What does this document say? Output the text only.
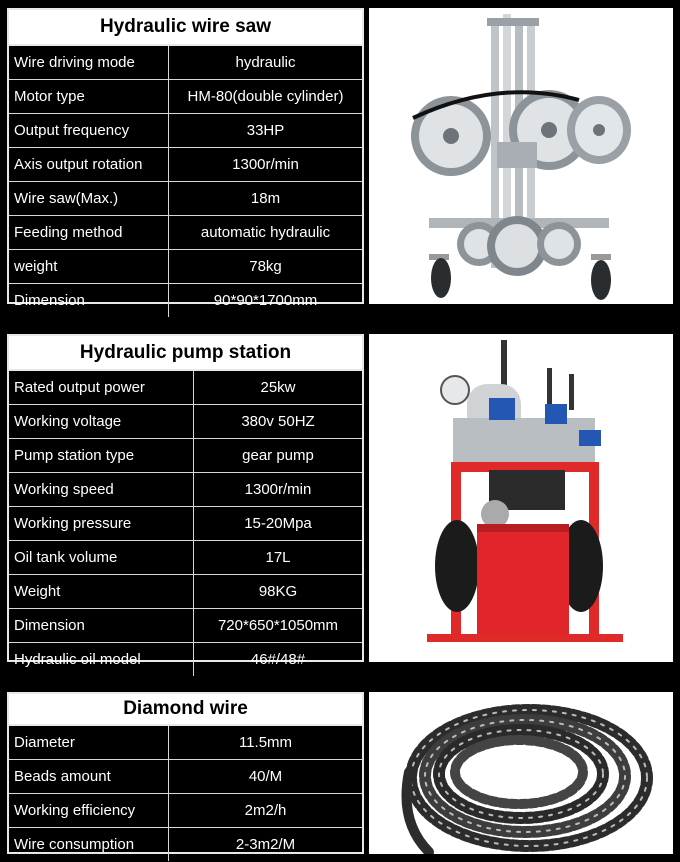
Hydraulic wire saw
Wire driving mode	hydraulic
Motor type	HM-80(double cylinder)
Output frequency	33HP
Axis output rotation	1300r/min
Wire saw(Max.)	18m
Feeding method	automatic hydraulic
weight	78kg
Dimension	90*90*1700mm
Hydraulic pump station
Rated output power	25kw
Working voltage	380v 50HZ
Pump station type	gear pump
Working speed	1300r/min
Working pressure	15-20Mpa
Oil tank volume	17L
Weight	98KG
Dimension	720*650*1050mm
Hydraulic oil model	46#/48#
Diamond wire
Diameter	11.5mm
Beads amount	40/M
Working efficiency	2m2/h
Wire consumption	2-3m2/M
